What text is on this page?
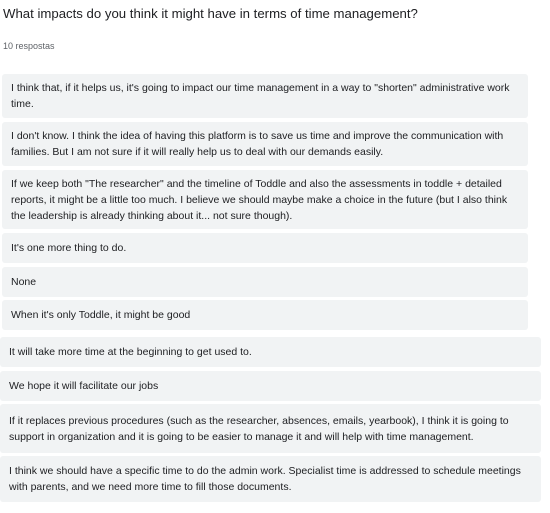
What impacts do you think it might have in terms of time management?
10 respostas
I think that, if it helps us, it's going to impact our time management in a way to "shorten" administrative work time.
I don't know. I think the idea of having this platform is to save us time and improve the communication with families. But I am not sure if it will really help us to deal with our demands easily.
If we keep both "The researcher" and the timeline of Toddle and also the assessments in toddle + detailed reports, it might be a little too much. I believe we should maybe make a choice in the future (but I also think the leadership is already thinking about it... not sure though).
It's one more thing to do.
None
When it's only Toddle, it might be good
It will take more time at the beginning to get used to.
We hope it will facilitate our jobs
If it replaces previous procedures (such as the researcher, absences, emails, yearbook), I think it is going to support in organization and it is going to be easier to manage it and will help with time management.
I think we should have a specific time to do the admin work. Specialist time is addressed to schedule meetings with parents, and we need more time to fill those documents.
